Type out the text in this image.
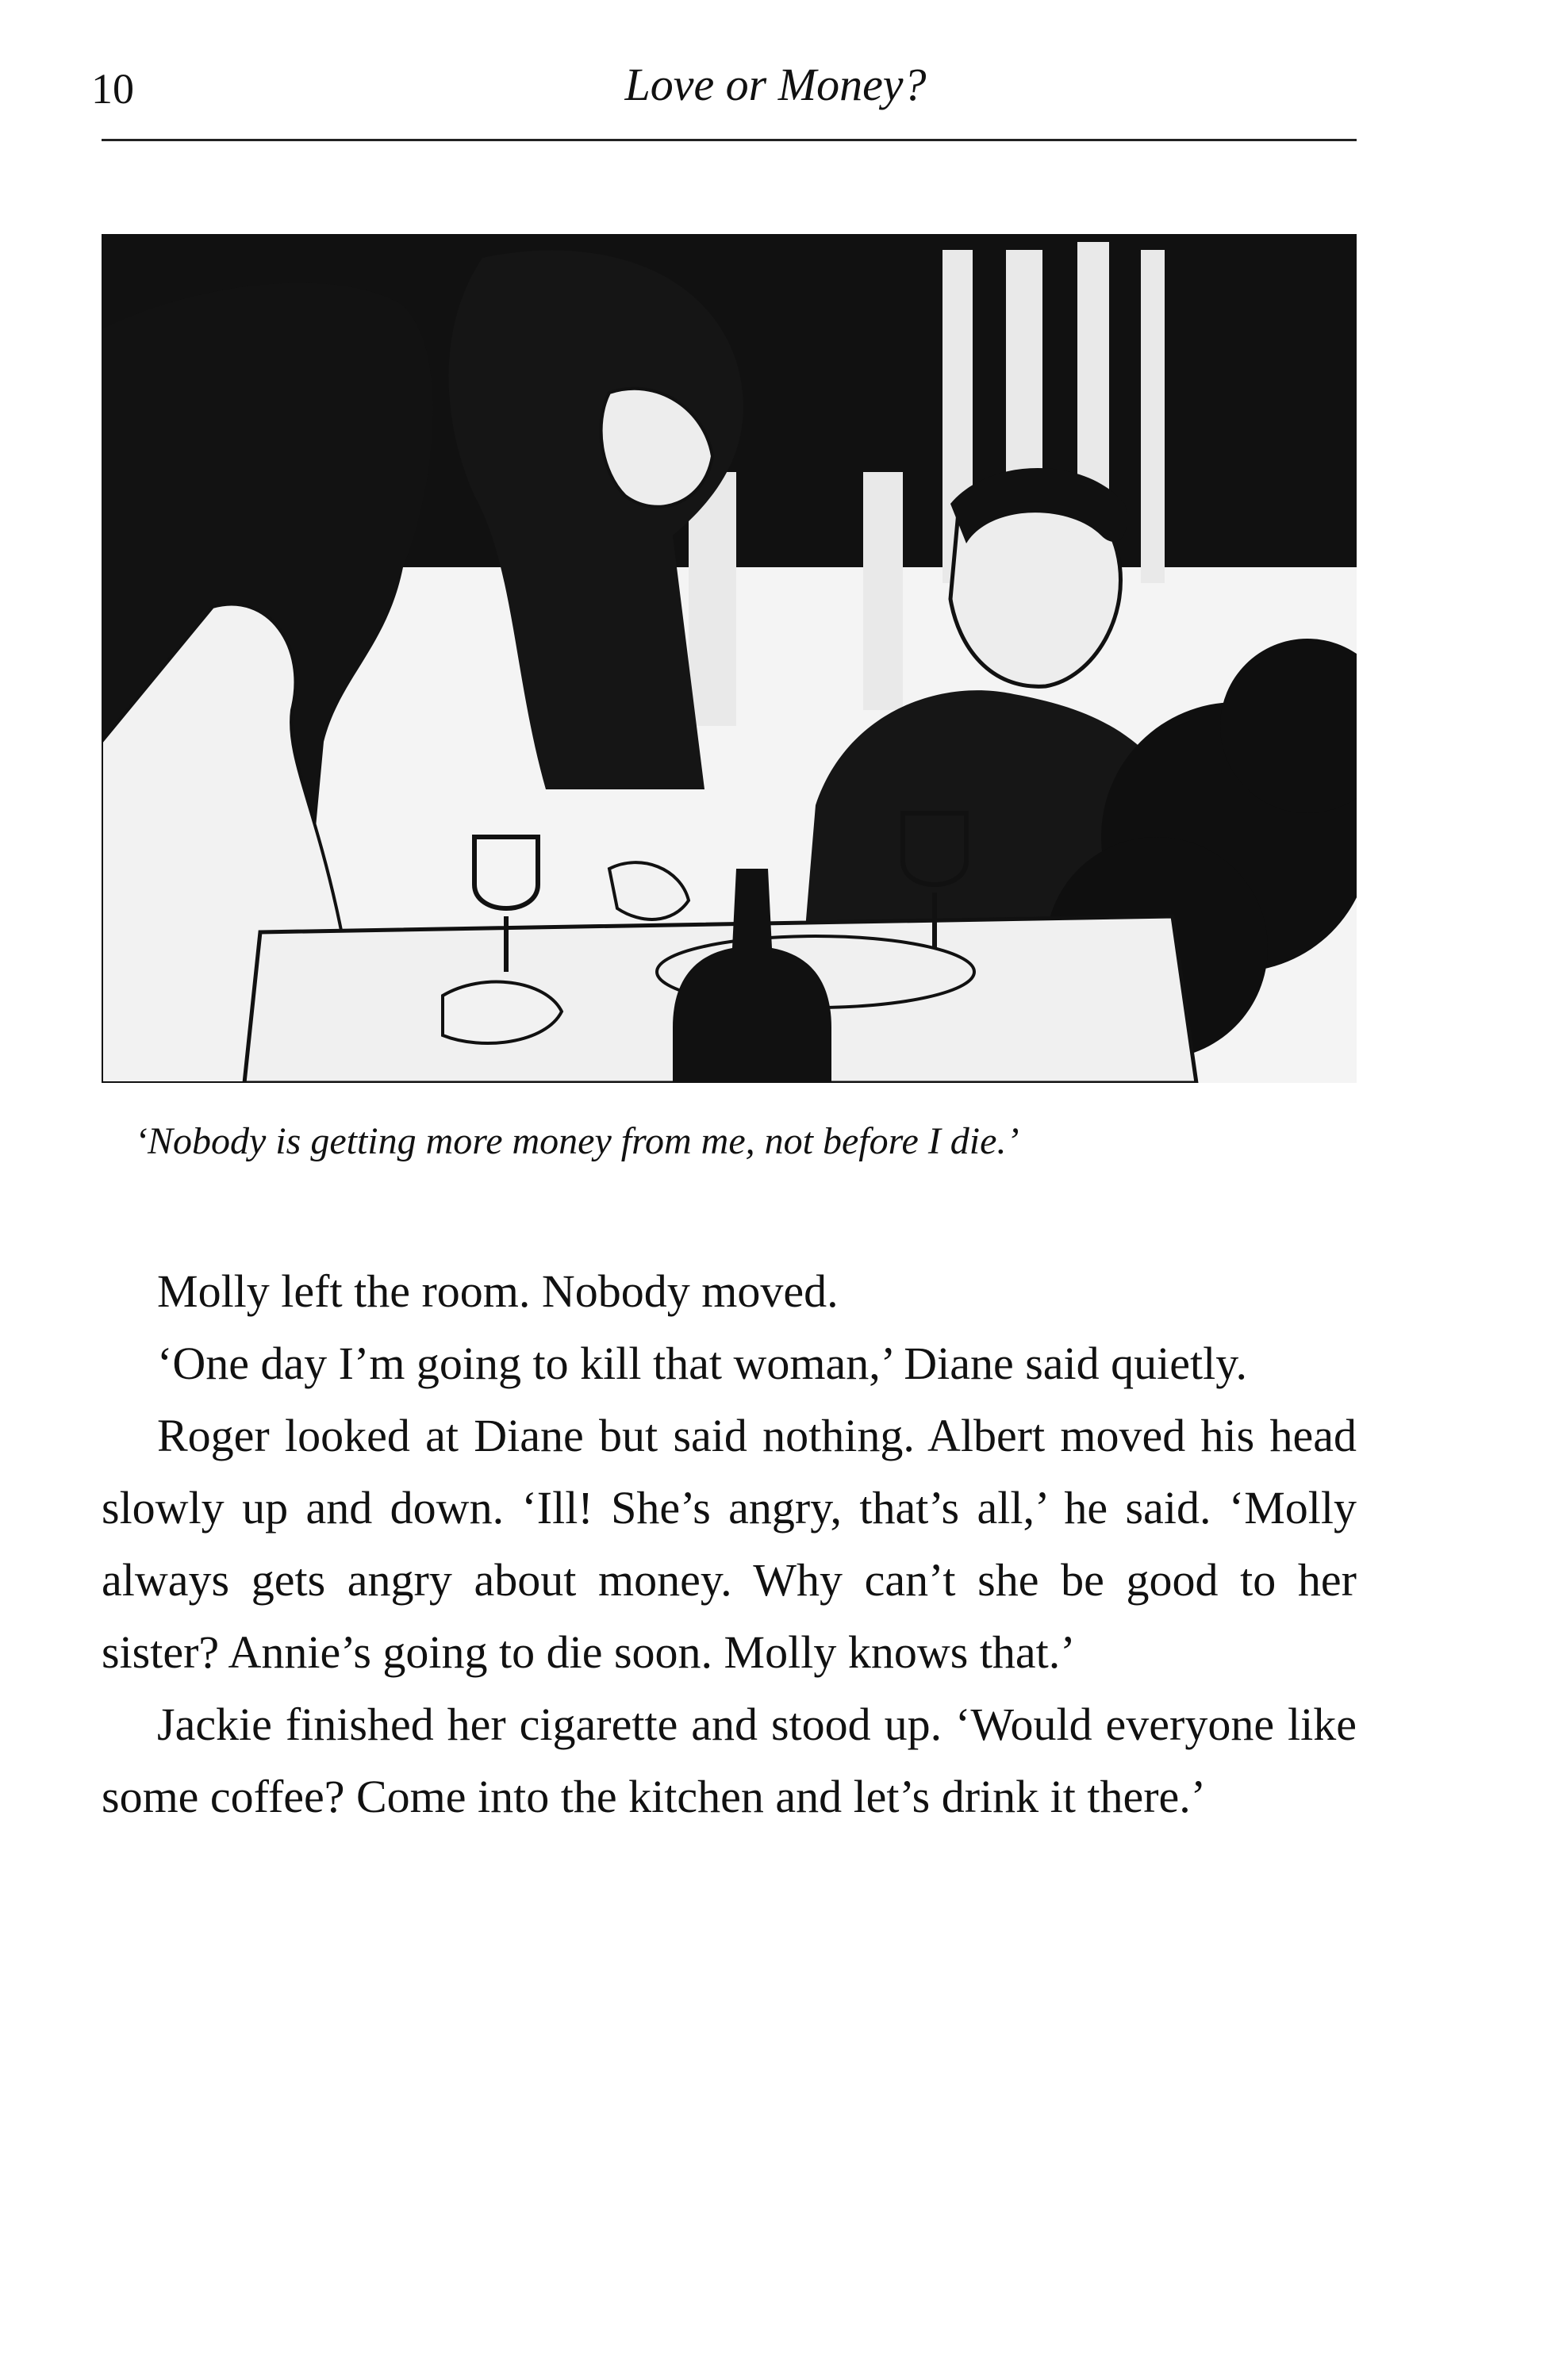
10	Love or Money?
‘Nobody is getting more money from me, not before I die.’

Molly left the room. Nobody moved.

‘One day I’m going to kill that woman,’ Diane said quietly.

Roger looked at Diane but said nothing. Albert moved his head slowly up and down. ‘Ill! She’s angry, that’s all,’ he said. ‘Molly always gets angry about money. Why can’t she be good to her sister? Annie’s going to die soon. Molly knows that.’

Jackie finished her cigarette and stood up. ‘Would everyone like some coffee? Come into the kitchen and let’s drink it there.’
